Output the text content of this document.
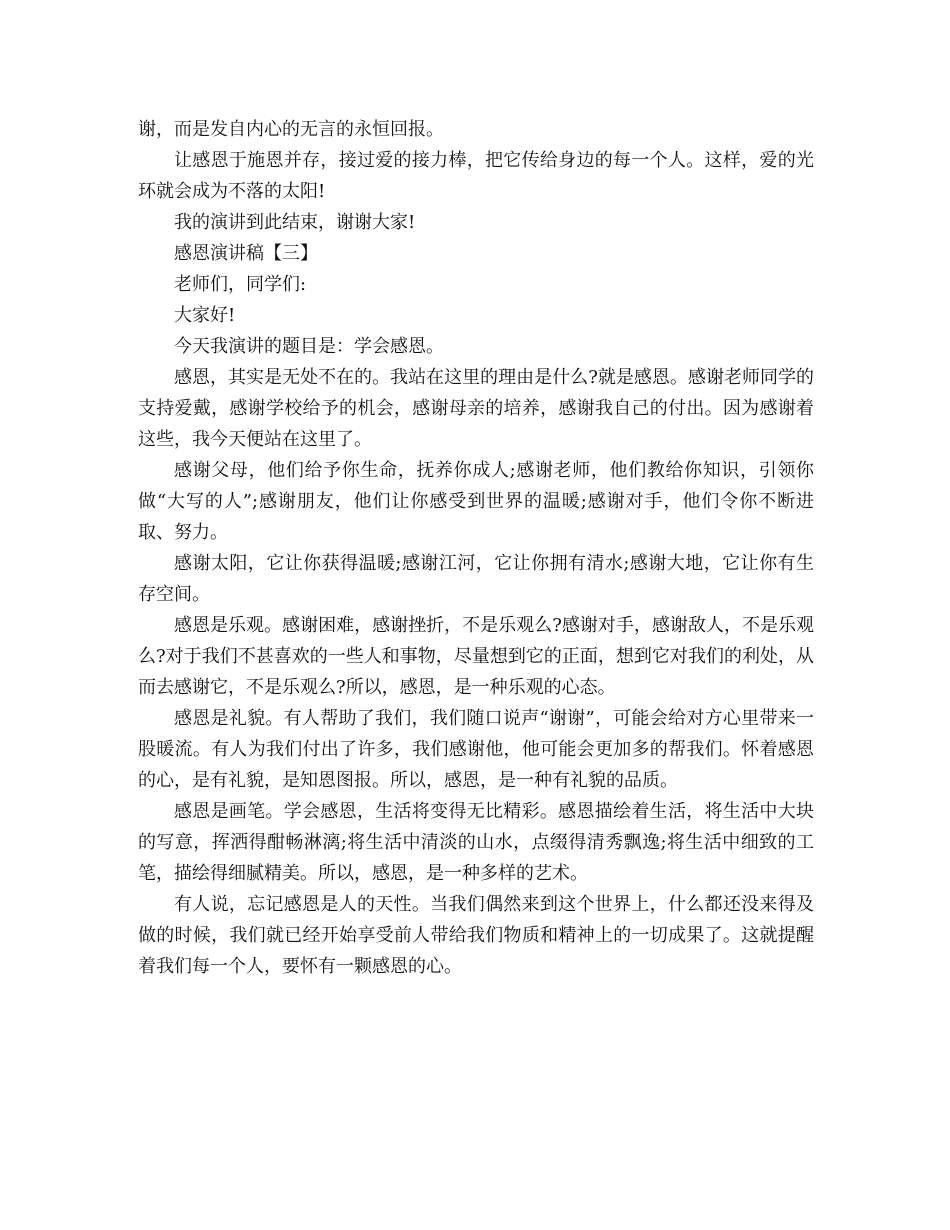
谢，而是发自内心的无言的永恒回报。

让感恩于施恩并存，接过爱的接力棒，把它传给身边的每一个人。这样，爱的光环就会成为不落的太阳!

我的演讲到此结束，谢谢大家!

感恩演讲稿【三】

老师们，同学们:

大家好!

今天我演讲的题目是：学会感恩。

感恩，其实是无处不在的。我站在这里的理由是什么?就是感恩。感谢老师同学的支持爱戴，感谢学校给予的机会，感谢母亲的培养，感谢我自己的付出。因为感谢着这些，我今天便站在这里了。

感谢父母，他们给予你生命，抚养你成人;感谢老师，他们教给你知识，引领你做“大写的人”;感谢朋友，他们让你感受到世界的温暖;感谢对手，他们令你不断进取、努力。

感谢太阳，它让你获得温暖;感谢江河，它让你拥有清水;感谢大地，它让你有生存空间。

感恩是乐观。感谢困难，感谢挫折，不是乐观么?感谢对手，感谢敌人，不是乐观么?对于我们不甚喜欢的一些人和事物，尽量想到它的正面，想到它对我们的利处，从而去感谢它，不是乐观么?所以，感恩，是一种乐观的心态。

感恩是礼貌。有人帮助了我们，我们随口说声“谢谢”，可能会给对方心里带来一股暖流。有人为我们付出了许多，我们感谢他，他可能会更加多的帮我们。怀着感恩的心，是有礼貌，是知恩图报。所以，感恩，是一种有礼貌的品质。

感恩是画笔。学会感恩，生活将变得无比精彩。感恩描绘着生活，将生活中大块的写意，挥洒得酣畅淋漓;将生活中清淡的山水，点缀得清秀飘逸;将生活中细致的工笔，描绘得细腻精美。所以，感恩，是一种多样的艺术。

有人说，忘记感恩是人的天性。当我们偶然来到这个世界上，什么都还没来得及做的时候，我们就已经开始享受前人带给我们物质和精神上的一切成果了。这就提醒着我们每一个人，要怀有一颗感恩的心。
